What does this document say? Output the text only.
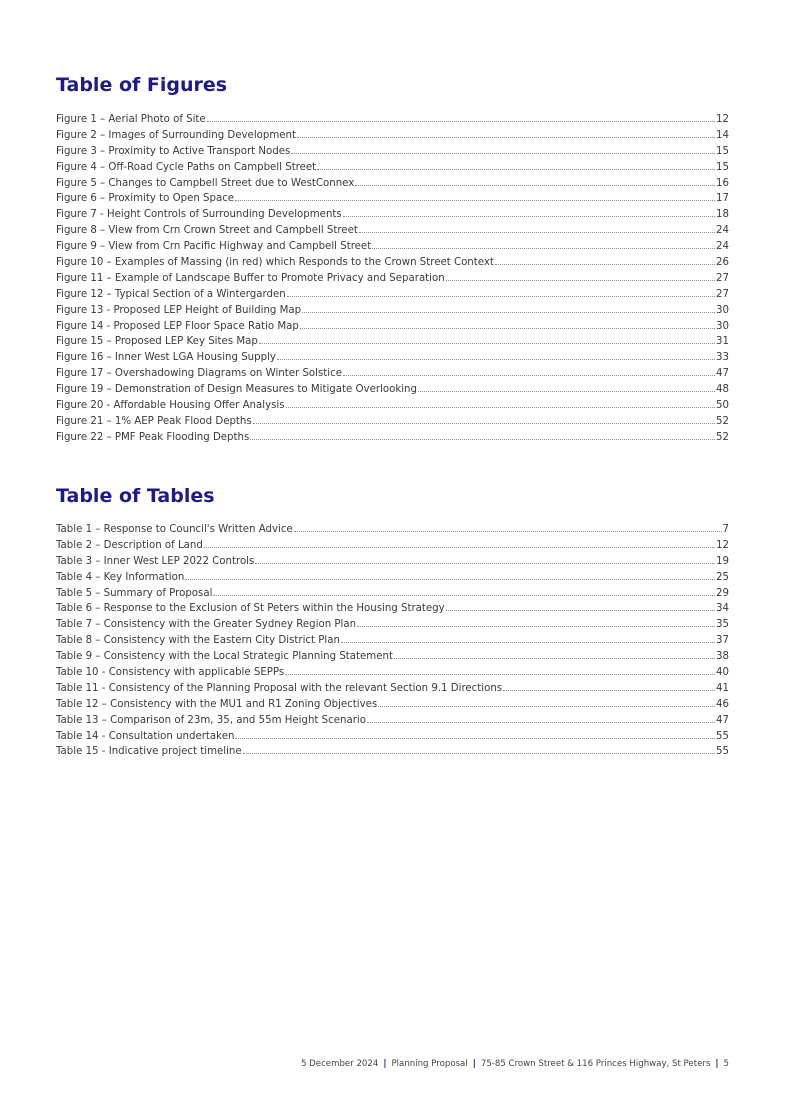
Table of Figures
Figure 1 – Aerial Photo of Site	12
Figure 2 – Images of Surrounding Development	14
Figure 3 – Proximity to Active Transport Nodes	15
Figure 4 – Off-Road Cycle Paths on Campbell Street	15
Figure 5 – Changes to Campbell Street due to WestConnex	16
Figure 6 – Proximity to Open Space	17
Figure 7 - Height Controls of Surrounding Developments	18
Figure 8 – View from Crn Crown Street and Campbell Street	24
Figure 9 – View from Crn Pacific Highway and Campbell Street	24
Figure 10 – Examples of Massing (in red) which Responds to the Crown Street Context	26
Figure 11 – Example of Landscape Buffer to Promote Privacy and Separation	27
Figure 12 – Typical Section of a Wintergarden	27
Figure 13 - Proposed LEP Height of Building Map	30
Figure 14 - Proposed LEP Floor Space Ratio Map	30
Figure 15 – Proposed LEP Key Sites Map	31
Figure 16 – Inner West LGA Housing Supply	33
Figure 17 – Overshadowing Diagrams on Winter Solstice	47
Figure 19 – Demonstration of Design Measures to Mitigate Overlooking	48
Figure 20 - Affordable Housing Offer Analysis	50
Figure 21 – 1% AEP Peak Flood Depths	52
Figure 22 – PMF Peak Flooding Depths	52
Table of Tables
Table 1 – Response to Council's Written Advice	7
Table 2 – Description of Land	12
Table 3 – Inner West LEP 2022 Controls	19
Table 4 – Key Information	25
Table 5 – Summary of Proposal	29
Table 6 – Response to the Exclusion of St Peters within the Housing Strategy	34
Table 7 – Consistency with the Greater Sydney Region Plan	35
Table 8 – Consistency with the Eastern City District Plan	37
Table 9 – Consistency with the Local Strategic Planning Statement	38
Table 10 - Consistency with applicable SEPPs	40
Table 11 - Consistency of the Planning Proposal with the relevant Section 9.1 Directions	41
Table 12 – Consistency with the MU1 and R1 Zoning Objectives	46
Table 13 – Comparison of 23m, 35, and 55m Height Scenario	47
Table 14 - Consultation undertaken	55
Table 15 - Indicative project timeline	55
5 December 2024 | Planning Proposal | 75-85 Crown Street & 116 Princes Highway, St Peters | 5
